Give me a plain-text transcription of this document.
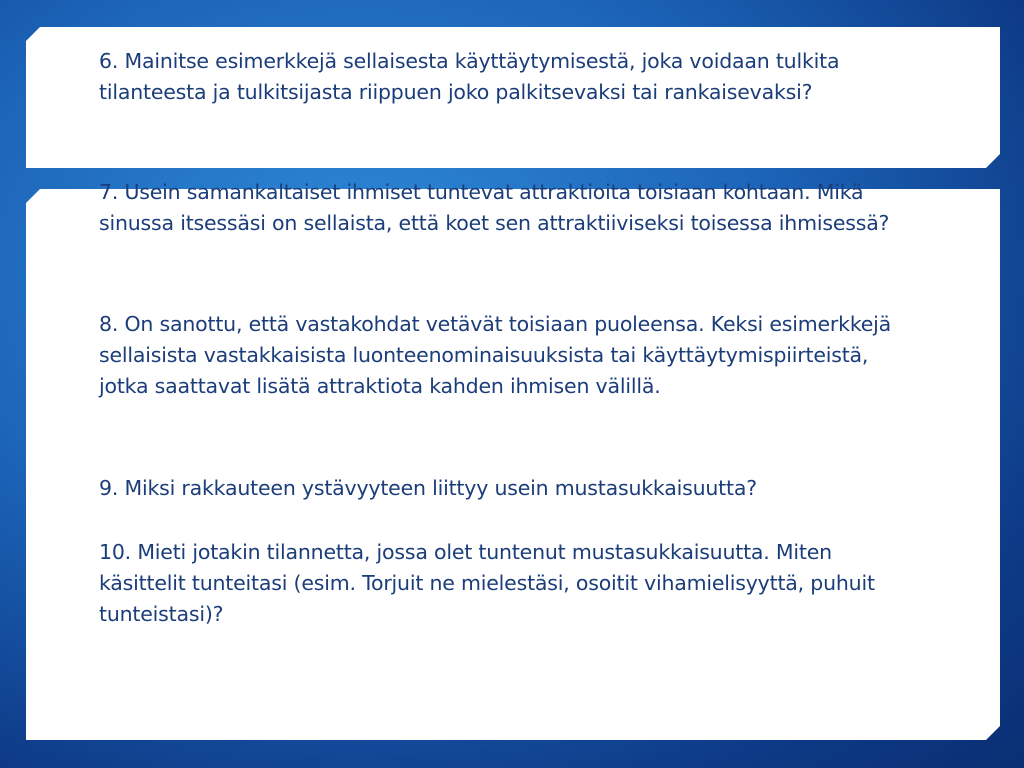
6. Mainitse esimerkkejä sellaisesta käyttäytymisestä, joka voidaan tulkita tilanteesta ja tulkitsijasta riippuen joko palkitsevaksi tai rankaisevaksi?

7. Usein samankaltaiset ihmiset tuntevat attraktioita toisiaan kohtaan. Mikä sinussa itsessäsi on sellaista, että koet sen attraktiiviseksi toisessa ihmisessä?

8. On sanottu, että vastakohdat vetävät toisiaan puoleensa. Keksi esimerkkejä sellaisista vastakkaisista luonteenominaisuuksista tai käyttäytymispiirteistä, jotka saattavat lisätä attraktiota kahden ihmisen välillä.

9. Miksi rakkauteen ystävyyteen liittyy usein mustasukkaisuutta?

10. Mieti jotakin tilannetta, jossa olet tuntenut mustasukkaisuutta. Miten käsittelit tunteitasi (esim. Torjuit ne mielestäsi, osoitit vihamielisyyttä, puhuit tunteistasi)?
